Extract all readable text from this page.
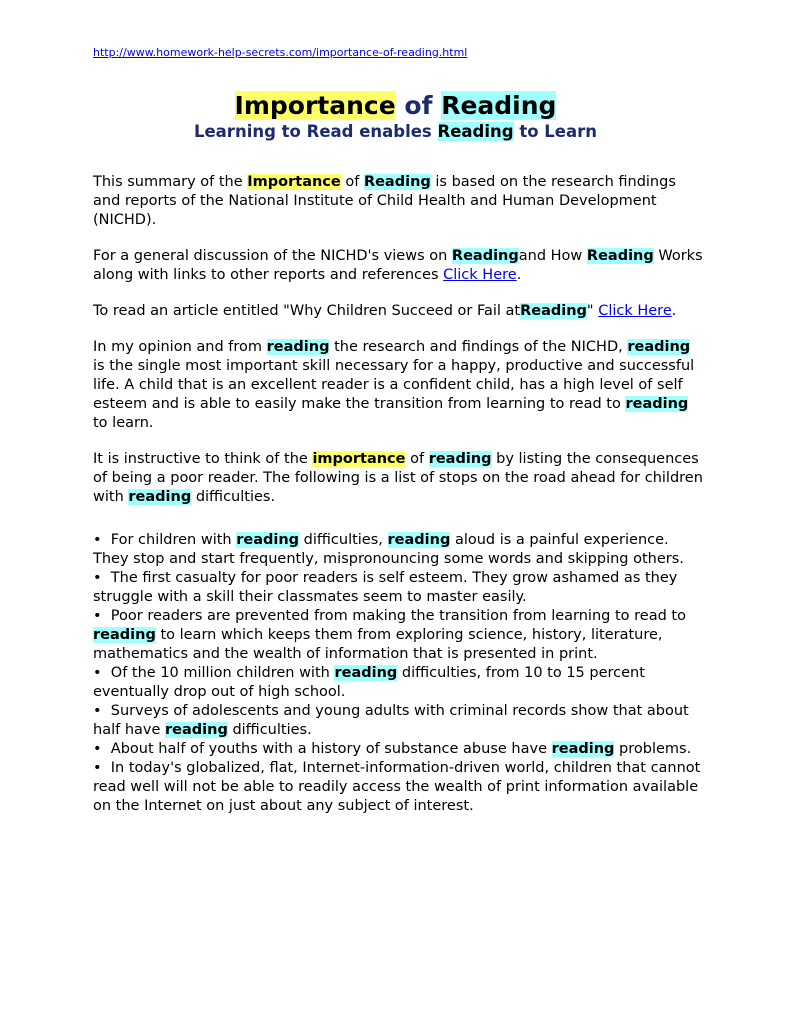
http://www.homework-help-secrets.com/importance-of-reading.html
Importance of Reading
Learning to Read enables Reading to Learn

This summary of the Importance of Reading is based on the research findings and reports of the National Institute of Child Health and Human Development (NICHD).

For a general discussion of the NICHD's views on Readingand How Reading Works along with links to other reports and references Click Here.

To read an article entitled "Why Children Succeed or Fail atReading" Click Here.

In my opinion and from reading the research and findings of the NICHD, reading is the single most important skill necessary for a happy, productive and successful life. A child that is an excellent reader is a confident child, has a high level of self esteem and is able to easily make the transition from learning to read to reading to learn.

It is instructive to think of the importance of reading by listing the consequences of being a poor reader. The following is a list of stops on the road ahead for children with reading difficulties.

• For children with reading difficulties, reading aloud is a painful experience. They stop and start frequently, mispronouncing some words and skipping others.
• The first casualty for poor readers is self esteem. They grow ashamed as they struggle with a skill their classmates seem to master easily.
• Poor readers are prevented from making the transition from learning to read to reading to learn which keeps them from exploring science, history, literature, mathematics and the wealth of information that is presented in print.
• Of the 10 million children with reading difficulties, from 10 to 15 percent eventually drop out of high school.
• Surveys of adolescents and young adults with criminal records show that about half have reading difficulties.
• About half of youths with a history of substance abuse have reading problems.
• In today's globalized, flat, Internet-information-driven world, children that cannot read well will not be able to readily access the wealth of print information available on the Internet on just about any subject of interest.
